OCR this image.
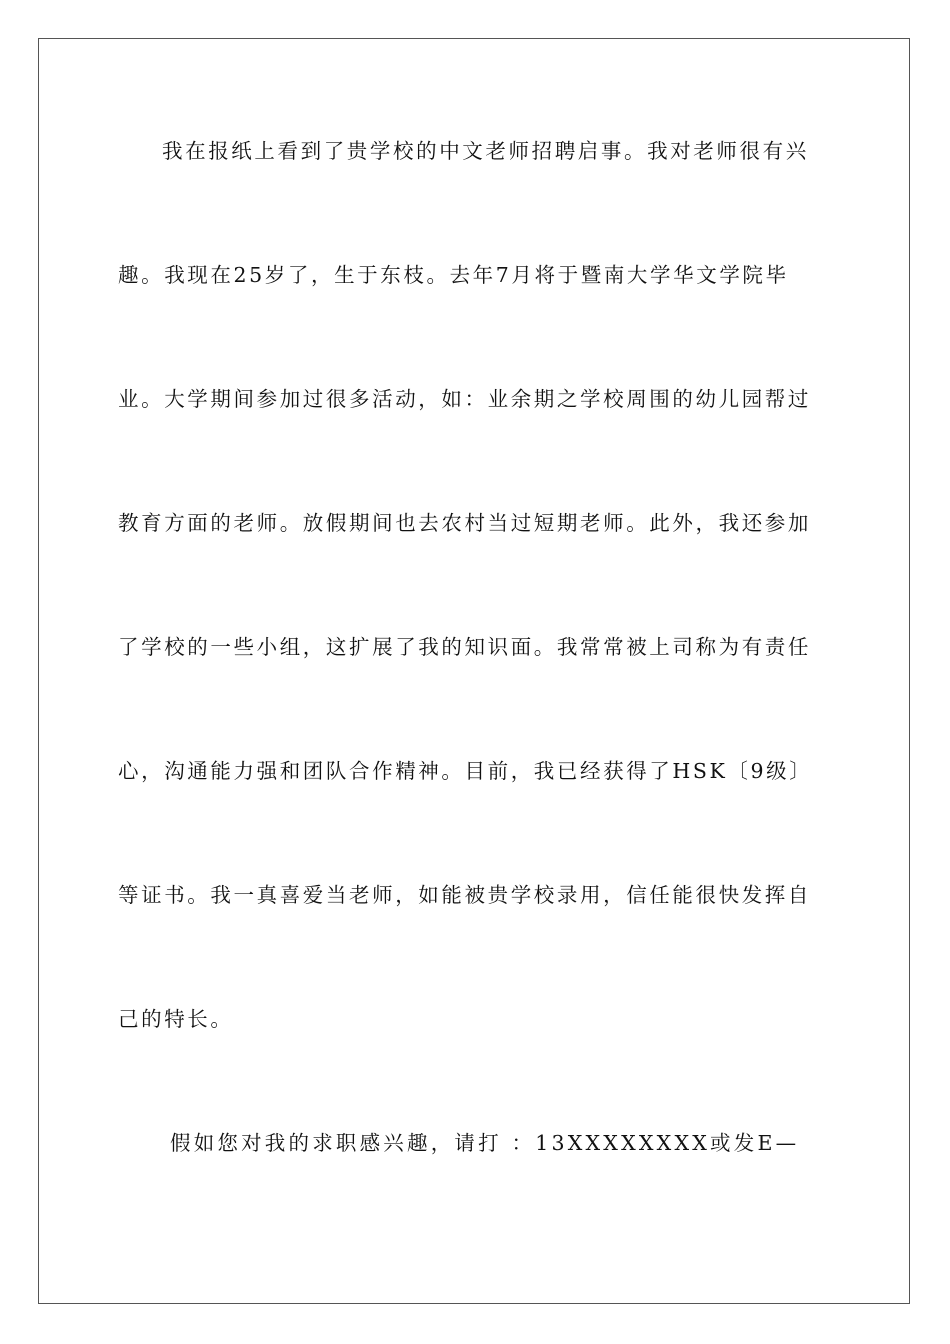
我在报纸上看到了贵学校的中文老师招聘启事。我对老师很有兴
趣。我现在25岁了，生于东枝。去年7月将于暨南大学华文学院毕
业。大学期间参加过很多活动，如：业余期之学校周围的幼儿园帮过
教育方面的老师。放假期间也去农村当过短期老师。此外，我还参加
了学校的一些小组，这扩展了我的知识面。我常常被上司称为有责任
心，沟通能力强和团队合作精神。目前，我已经获得了HSK〔9级〕
等证书。我一真喜爱当老师，如能被贵学校录用，信任能很快发挥自
己的特长。
假如您对我的求职感兴趣，请打 ：13XXXXXXXX或发E—
